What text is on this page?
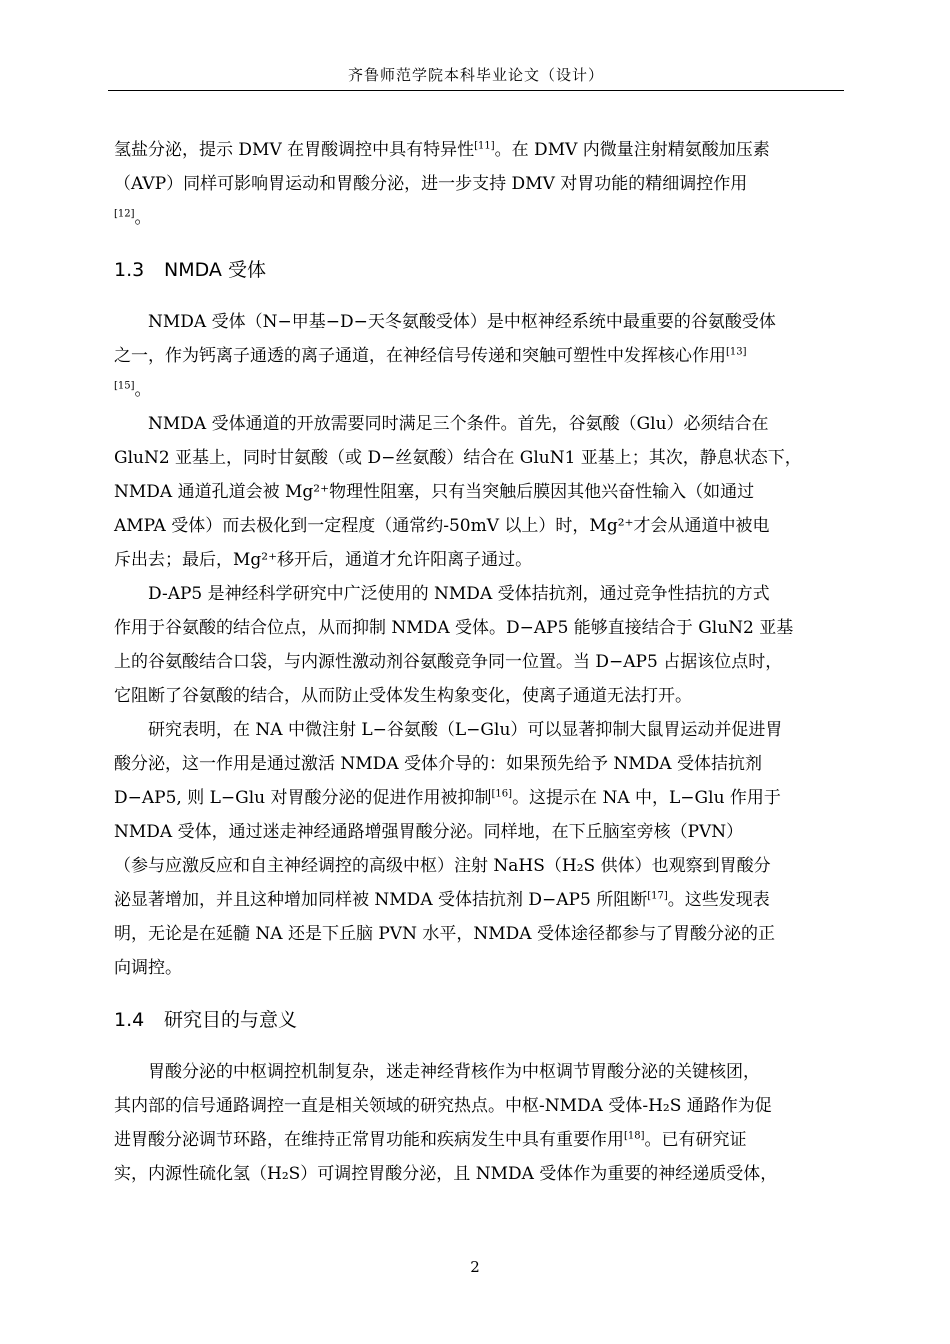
齐鲁师范学院本科毕业论文（设计）
氢盐分泌，提示 DMV 在胃酸调控中具有特异性[11]。在 DMV 内微量注射精氨酸加压素
（AVP）同样可影响胃运动和胃酸分泌，进一步支持 DMV 对胃功能的精细调控作用
[12]。
1.3 NMDA 受体
NMDA 受体（N−甲基−D−天冬氨酸受体）是中枢神经系统中最重要的谷氨酸受体
之一，作为钙离子通透的离子通道，在神经信号传递和突触可塑性中发挥核心作用[13]
[15]。
NMDA 受体通道的开放需要同时满足三个条件。首先，谷氨酸（Glu）必须结合在
GluN2 亚基上，同时甘氨酸（或 D−丝氨酸）结合在 GluN1 亚基上；其次，静息状态下，
NMDA 通道孔道会被 Mg²⁺物理性阻塞，只有当突触后膜因其他兴奋性输入（如通过
AMPA 受体）而去极化到一定程度（通常约-50mV 以上）时，Mg²⁺才会从通道中被电
斥出去；最后，Mg²⁺移开后，通道才允许阳离子通过。
D-AP5 是神经科学研究中广泛使用的 NMDA 受体拮抗剂，通过竞争性拮抗的方式
作用于谷氨酸的结合位点，从而抑制 NMDA 受体。D−AP5 能够直接结合于 GluN2 亚基
上的谷氨酸结合口袋，与内源性激动剂谷氨酸竞争同一位置。当 D−AP5 占据该位点时，
它阻断了谷氨酸的结合，从而防止受体发生构象变化，使离子通道无法打开。
研究表明，在 NA 中微注射 L−谷氨酸（L−Glu）可以显著抑制大鼠胃运动并促进胃
酸分泌，这一作用是通过激活 NMDA 受体介导的：如果预先给予 NMDA 受体拮抗剂
D−AP5, 则 L−Glu 对胃酸分泌的促进作用被抑制[16]。这提示在 NA 中，L−Glu 作用于
NMDA 受体，通过迷走神经通路增强胃酸分泌。同样地，在下丘脑室旁核（PVN）
（参与应激反应和自主神经调控的高级中枢）注射 NaHS（H₂S 供体）也观察到胃酸分
泌显著增加，并且这种增加同样被 NMDA 受体拮抗剂 D−AP5 所阻断[17]。这些发现表
明，无论是在延髓 NA 还是下丘脑 PVN 水平，NMDA 受体途径都参与了胃酸分泌的正
向调控。
1.4 研究目的与意义
胃酸分泌的中枢调控机制复杂，迷走神经背核作为中枢调节胃酸分泌的关键核团，
其内部的信号通路调控一直是相关领域的研究热点。中枢-NMDA 受体-H₂S 通路作为促
进胃酸分泌调节环路，在维持正常胃功能和疾病发生中具有重要作用[18]。已有研究证
实，内源性硫化氢（H₂S）可调控胃酸分泌，且 NMDA 受体作为重要的神经递质受体，
2
